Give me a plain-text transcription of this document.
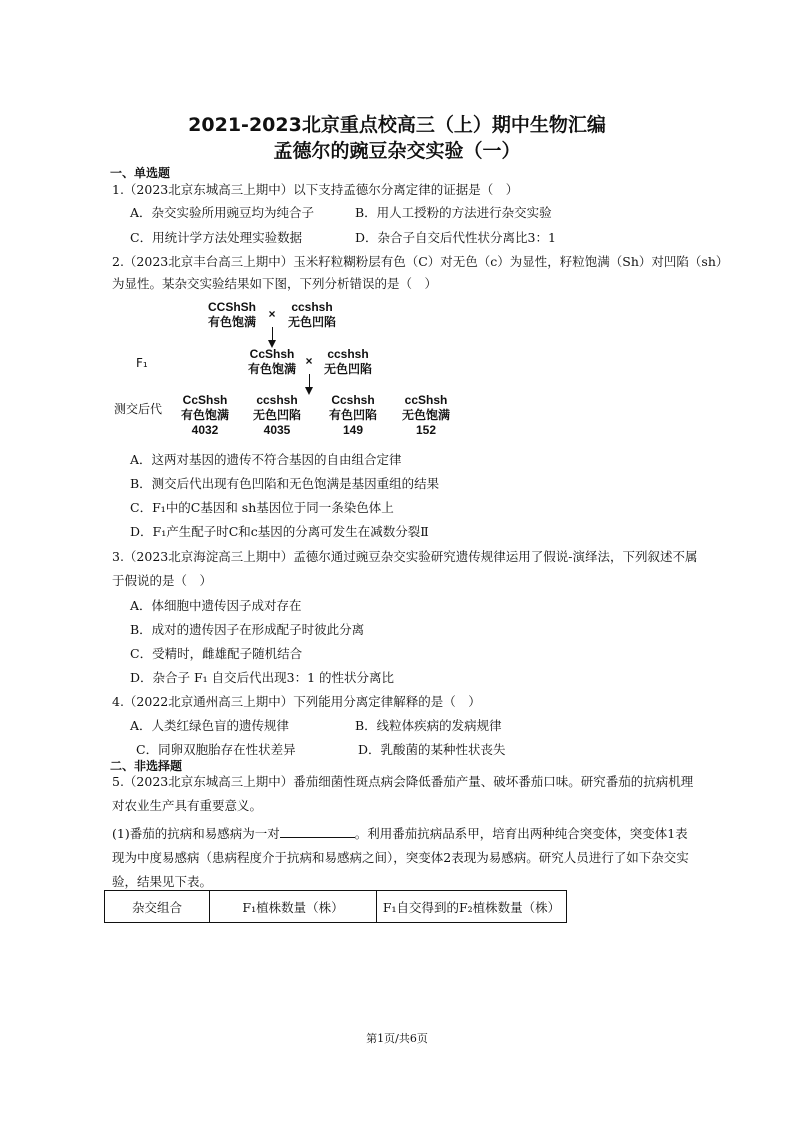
2021-2023北京重点校高三（上）期中生物汇编
孟德尔的豌豆杂交实验（一）
一、单选题
1.（2023北京东城高三上期中）以下支持孟德尔分离定律的证据是（　）
A．杂交实验所用豌豆均为纯合子	B．用人工授粉的方法进行杂交实验
C．用统计学方法处理实验数据	D．杂合子自交后代性状分离比3：1
2.（2023北京丰台高三上期中）玉米籽粒糊粉层有色（C）对无色（c）为显性，籽粒饱满（Sh）对凹陷（sh）
为显性。某杂交实验结果如下图，下列分析错误的是（　）
CCShSh
有色饱满
×	ccshsh
无色凹陷
F₁
CcShsh
有色饱满
×	ccshsh
无色凹陷
测交后代
CcShsh
有色饱满
4032
ccshsh
无色凹陷
4035
Ccshsh
有色凹陷
149
ccShsh
无色饱满
152
A．这两对基因的遗传不符合基因的自由组合定律
B．测交后代出现有色凹陷和无色饱满是基因重组的结果
C．F₁中的C基因和 sh基因位于同一条染色体上
D．F₁产生配子时C和c基因的分离可发生在减数分裂Ⅱ
3.（2023北京海淀高三上期中）孟德尔通过豌豆杂交实验研究遗传规律运用了假说-演绎法，下列叙述不属
于假说的是（　）
A．体细胞中遗传因子成对存在
B．成对的遗传因子在形成配子时彼此分离
C．受精时，雌雄配子随机结合
D．杂合子 F₁ 自交后代出现3：1 的性状分离比
4.（2022北京通州高三上期中）下列能用分离定律解释的是（　）
A．人类红绿色盲的遗传规律	B．线粒体疾病的发病规律
C．同卵双胞胎存在性状差异	D．乳酸菌的某种性状丧失
二、非选择题
5.（2023北京东城高三上期中）番茄细菌性斑点病会降低番茄产量、破坏番茄口味。研究番茄的抗病机理
对农业生产具有重要意义。
(1)番茄的抗病和易感病为一对	。利用番茄抗病品系甲，培育出两种纯合突变体，突变体1表
现为中度易感病（患病程度介于抗病和易感病之间），突变体2表现为易感病。研究人员进行了如下杂交实
验，结果见下表。
杂交组合	F₁植株数量（株）	F₁自交得到的F₂植株数量（株）
第1页/共6页
